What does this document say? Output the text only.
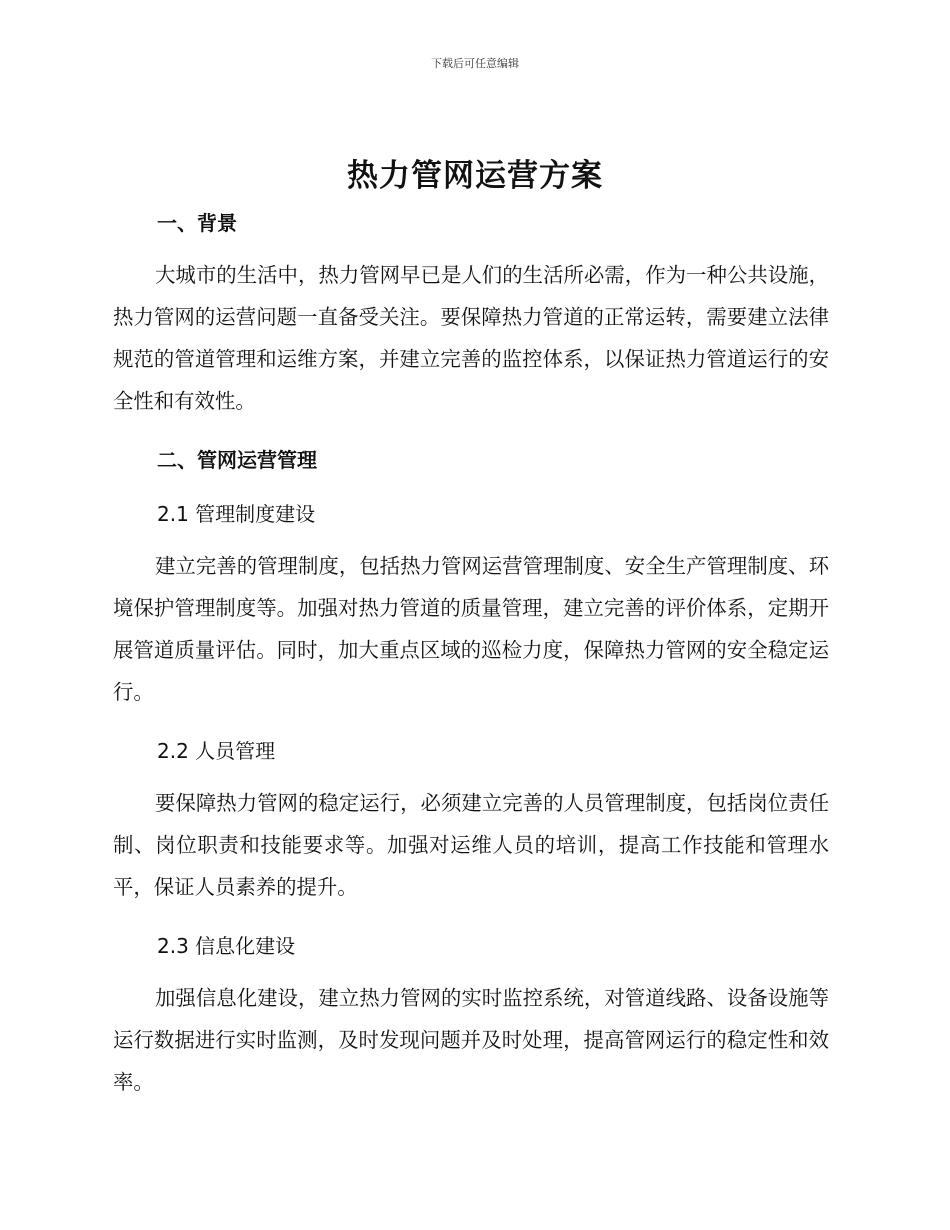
下载后可任意编辑
热力管网运营方案
一、背景
大城市的生活中，热力管网早已是人们的生活所必需，作为一种公共设施，热力管网的运营问题一直备受关注。要保障热力管道的正常运转，需要建立法律规范的管道管理和运维方案，并建立完善的监控体系，以保证热力管道运行的安全性和有效性。
二、管网运营管理
2.1 管理制度建设
建立完善的管理制度，包括热力管网运营管理制度、安全生产管理制度、环境保护管理制度等。加强对热力管道的质量管理，建立完善的评价体系，定期开展管道质量评估。同时，加大重点区域的巡检力度，保障热力管网的安全稳定运行。
2.2 人员管理
要保障热力管网的稳定运行，必须建立完善的人员管理制度，包括岗位责任制、岗位职责和技能要求等。加强对运维人员的培训，提高工作技能和管理水平，保证人员素养的提升。
2.3 信息化建设
加强信息化建设，建立热力管网的实时监控系统，对管道线路、设备设施等运行数据进行实时监测，及时发现问题并及时处理，提高管网运行的稳定性和效率。
